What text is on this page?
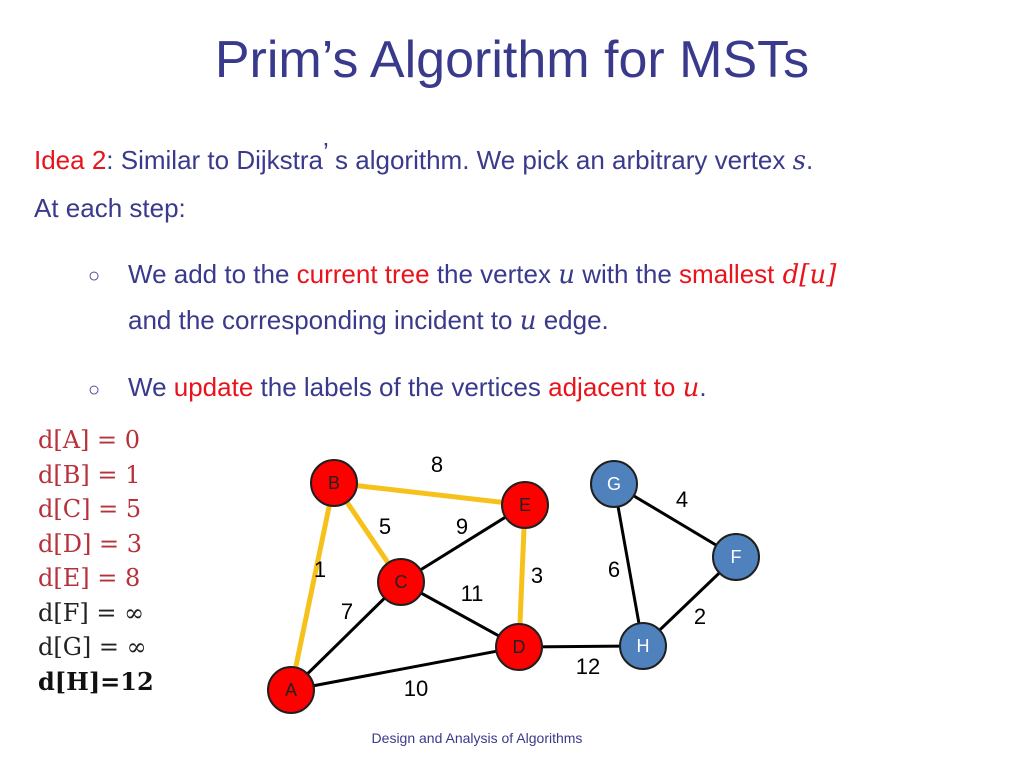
Prim’s Algorithm for MSTs
Idea 2: Similar to Dijkstra’ s algorithm. We pick an arbitrary vertex s.
At each step:
○ We add to the current tree the vertex u with the smallest d[u]
and the corresponding incident to u edge.
○ We update the labels of the vertices adjacent to u.
d[A] = 0
d[B] = 1
d[C] = 5
d[D] = 3
d[E] = 8
d[F] = ∞
d[G] = ∞
d[H]=12
1
8
5
3
9
7
11
10
12
6
4
2
A
B
C
D
E
F
G
H
Design and Analysis of Algorithms
